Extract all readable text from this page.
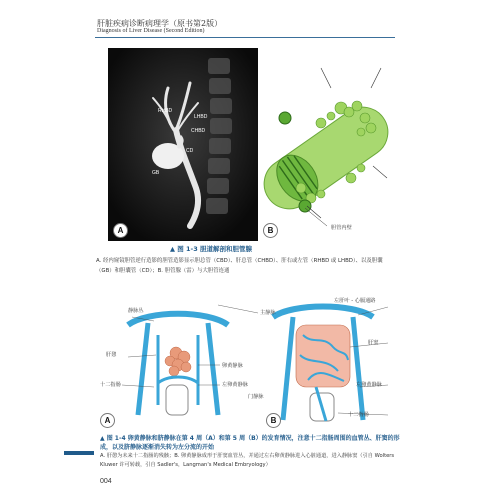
肝脏疾病诊断病理学（原书第2版）
Diagnosis of Liver Disease (Second Edition)
RHBD
LHBD
CHBD
CD
GB
A	胆管内壁
B
▲ 图 1-3 胆道解剖和胆管腺
A. 经内窥镜胆管逆行造影的胆管造影显示胆总管（CBD）、肝总管（CHBD）、肝右或左管（RHBD 或 LHBD）、以及胆囊（GB）和胆囊管（CD）；B. 胆管腺（雷）与大胆管连通
静脉丛
肝憩
十二指肠
卵黄静脉
左卵黄静脉
主静脉
门静脉
左肝叶 - 心膈通路
肝窦
左卵黄静脉
十二指肠
A	B
▲ 图 1-4 卵黄静脉和脐静脉在第 4 周（A）和第 5 周（B）的发育情况，注意十二指肠周围的血管丛、肝窦的形成，以及脐静脉逐渐消失转为左分流的开始
A. 肝憩为未来十二指肠的残骸；B. 卵黄静脉成形于肝窦血管丛，并通过左右卵黄静脉进入心脏通道，进入静脉窦（引自 Wolters Kluwer 许可转载，引自 Sadler's，Langman's Medical Embryology）
004
